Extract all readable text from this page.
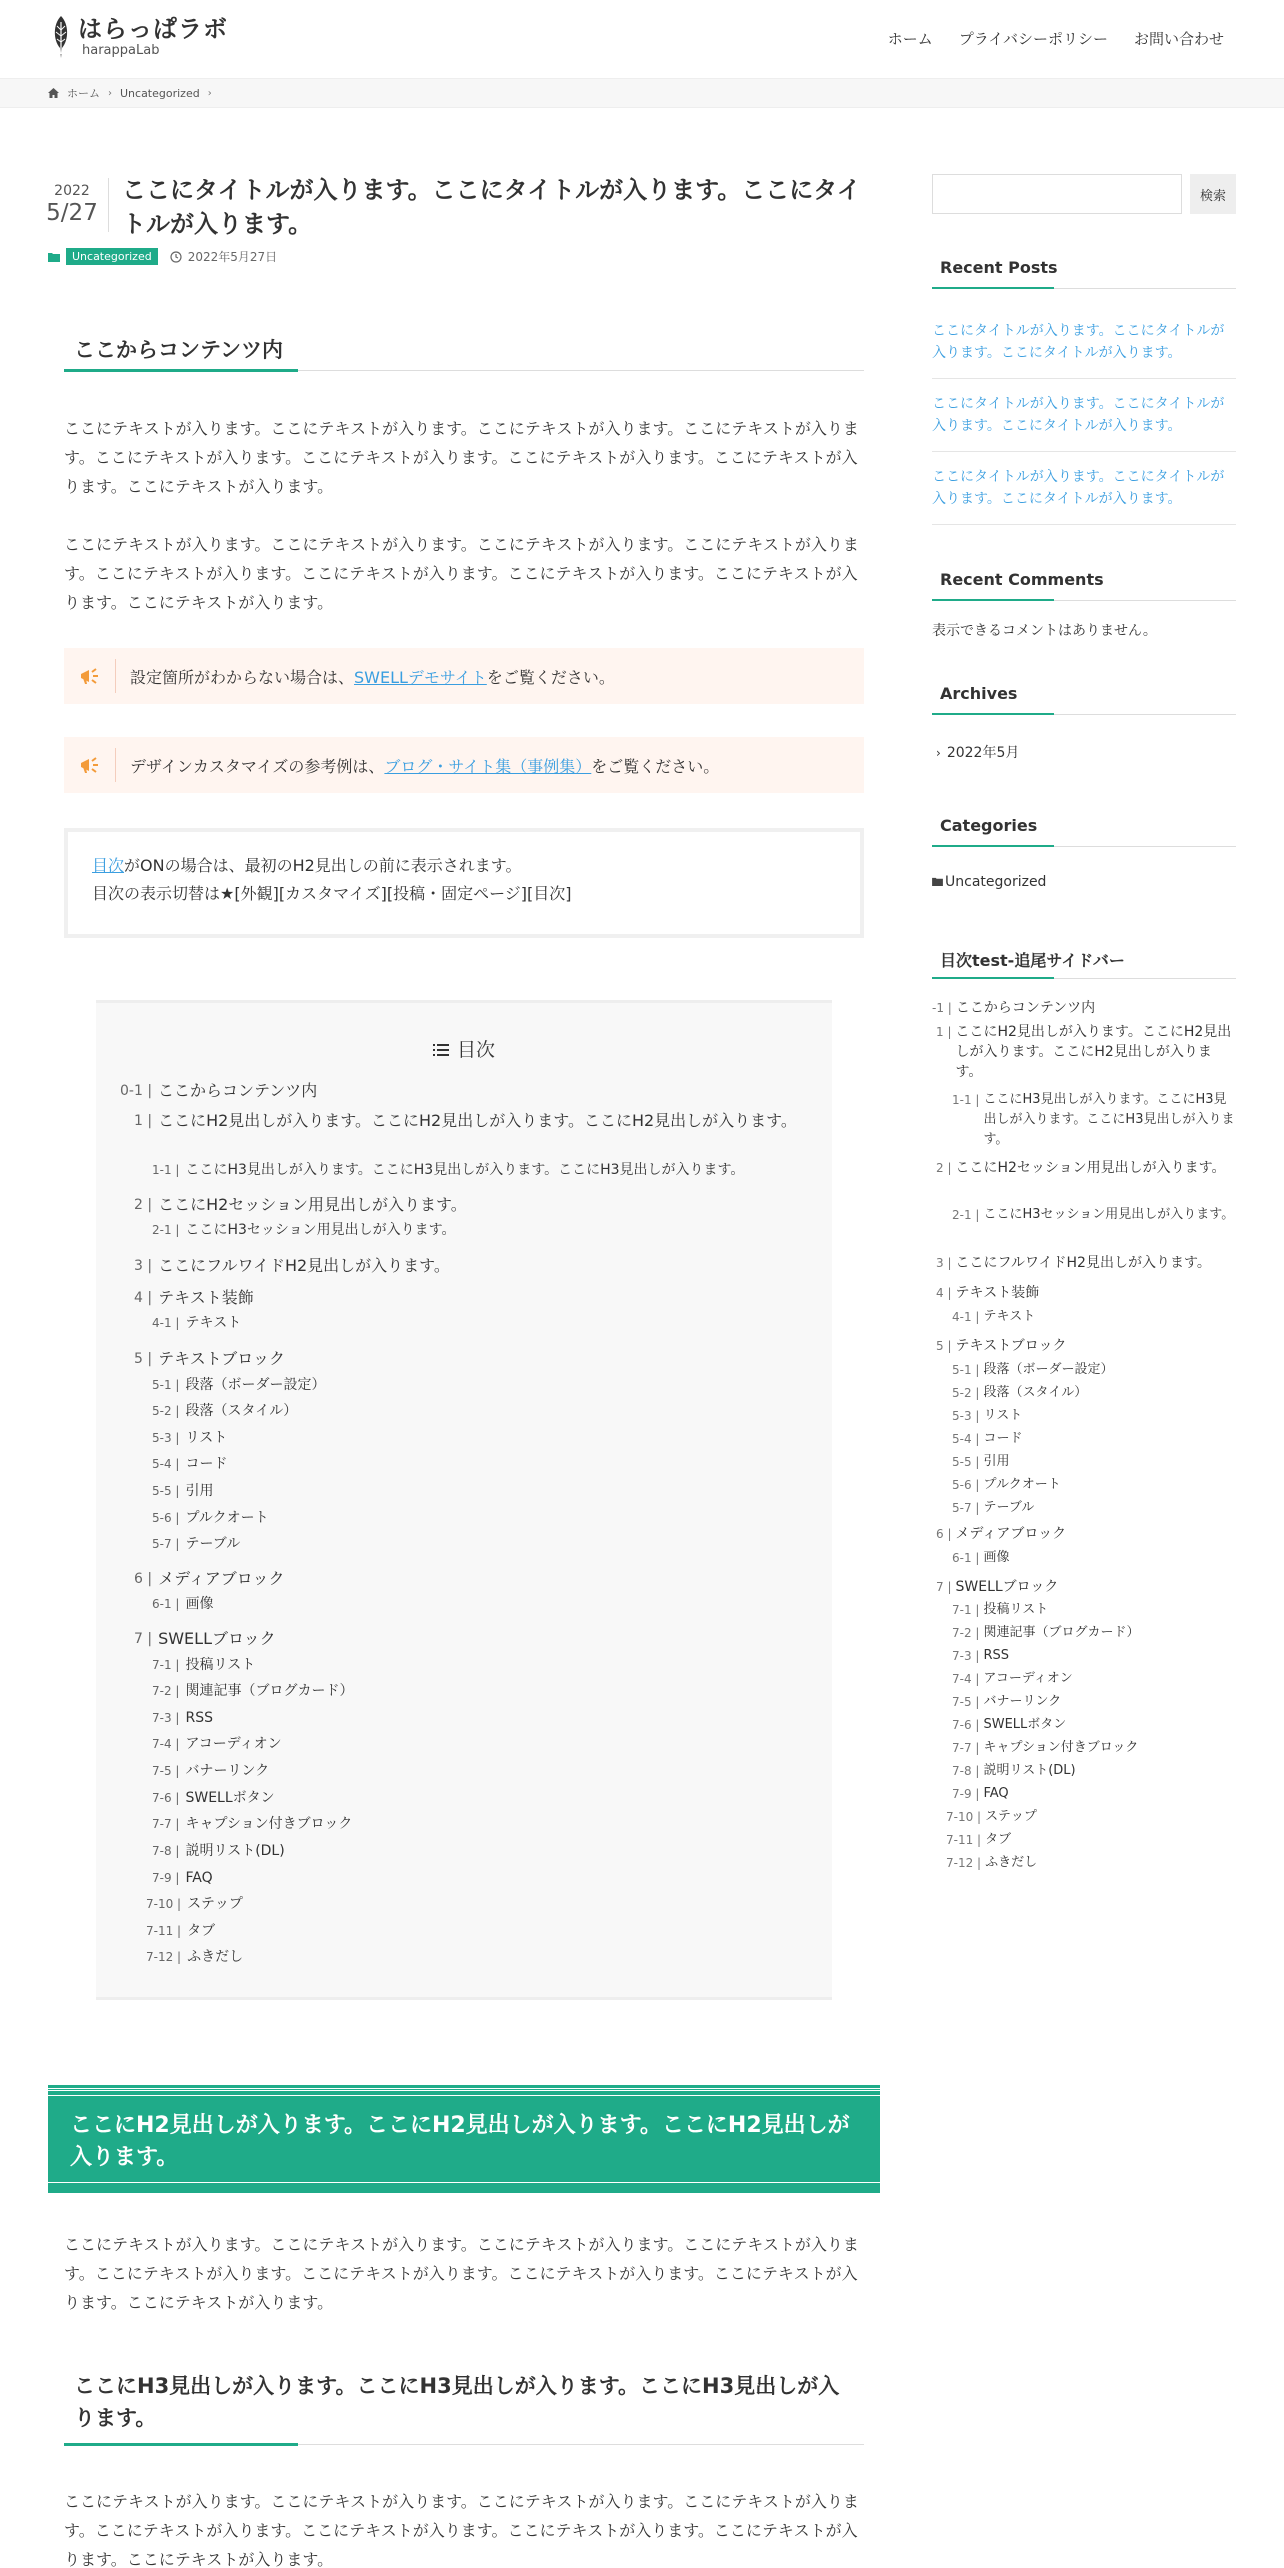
はらっぱラボ
harappaLab
ホーム プライバシーポリシー お問い合わせ
ホーム › Uncategorized ›
2022
5/27
ここにタイトルが入ります。ここにタイトルが入ります。ここにタイトルが入ります。
Uncategorized	2022年5月27日
ここからコンテンツ内

ここにテキストが入ります。ここにテキストが入ります。ここにテキストが入ります。ここにテキストが入ります。ここにテキストが入ります。ここにテキストが入ります。ここにテキストが入ります。ここにテキストが入ります。ここにテキストが入ります。

ここにテキストが入ります。ここにテキストが入ります。ここにテキストが入ります。ここにテキストが入ります。ここにテキストが入ります。ここにテキストが入ります。ここにテキストが入ります。ここにテキストが入ります。ここにテキストが入ります。

設定箇所がわからない場合は、SWELLデモサイトをご覧ください。
デザインカスタマイズの参考例は、ブログ・サイト集（事例集）をご覧ください。
目次がONの場合は、最初のH2見出しの前に表示されます。
目次の表示切替は★[外観][カスタマイズ][投稿・固定ページ][目次]
目次
0-1 | ここからコンテンツ内
1 | ここにH2見出しが入ります。ここにH2見出しが入ります。ここにH2見出しが入ります。
1-1 | ここにH3見出しが入ります。ここにH3見出しが入ります。ここにH3見出しが入ります。
2 | ここにH2セッション用見出しが入ります。
2-1 | ここにH3セッション用見出しが入ります。
3 | ここにフルワイドH2見出しが入ります。
4 | テキスト装飾
4-1 | テキスト
5 | テキストブロック
5-1 | 段落（ボーダー設定）
5-2 | 段落（スタイル）
5-3 | リスト
5-4 | コード
5-5 | 引用
5-6 | プルクオート
5-7 | テーブル
6 | メディアブロック
6-1 | 画像
7 | SWELLブロック
7-1 | 投稿リスト
7-2 | 関連記事（ブログカード）
7-3 | RSS
7-4 | アコーディオン
7-5 | バナーリンク
7-6 | SWELLボタン
7-7 | キャプション付きブロック
7-8 | 説明リスト(DL)
7-9 | FAQ
7-10 | ステップ
7-11 | タブ
7-12 | ふきだし
ここにH2見出しが入ります。ここにH2見出しが入ります。ここにH2見出しが入ります。

ここにテキストが入ります。ここにテキストが入ります。ここにテキストが入ります。ここにテキストが入ります。ここにテキストが入ります。ここにテキストが入ります。ここにテキストが入ります。ここにテキストが入ります。ここにテキストが入ります。

ここにH3見出しが入ります。ここにH3見出しが入ります。ここにH3見出しが入ります。

ここにテキストが入ります。ここにテキストが入ります。ここにテキストが入ります。ここにテキストが入ります。ここにテキストが入ります。ここにテキストが入ります。ここにテキストが入ります。ここにテキストが入ります。ここにテキストが入ります。

検索
Recent Posts
ここにタイトルが入ります。ここにタイトルが入ります。ここにタイトルが入ります。
ここにタイトルが入ります。ここにタイトルが入ります。ここにタイトルが入ります。
ここにタイトルが入ります。ここにタイトルが入ります。ここにタイトルが入ります。
Recent Comments
表示できるコメントはありません。
Archives
› 2022年5月
Categories
Uncategorized
目次test-追尾サイドバー
-1 | ここからコンテンツ内
1 | ここにH2見出しが入ります。ここにH2見出しが入ります。ここにH2見出しが入ります。
1-1 | ここにH3見出しが入ります。ここにH3見出しが入ります。ここにH3見出しが入ります。
2 | ここにH2セッション用見出しが入ります。
2-1 | ここにH3セッション用見出しが入ります。
3 | ここにフルワイドH2見出しが入ります。
4 | テキスト装飾
4-1 | テキスト
5 | テキストブロック
5-1 | 段落（ボーダー設定）
5-2 | 段落（スタイル）
5-3 | リスト
5-4 | コード
5-5 | 引用
5-6 | プルクオート
5-7 | テーブル
6 | メディアブロック
6-1 | 画像
7 | SWELLブロック
7-1 | 投稿リスト
7-2 | 関連記事（ブログカード）
7-3 | RSS
7-4 | アコーディオン
7-5 | バナーリンク
7-6 | SWELLボタン
7-7 | キャプション付きブロック
7-8 | 説明リスト(DL)
7-9 | FAQ
7-10 | ステップ
7-11 | タブ
7-12 | ふきだし
